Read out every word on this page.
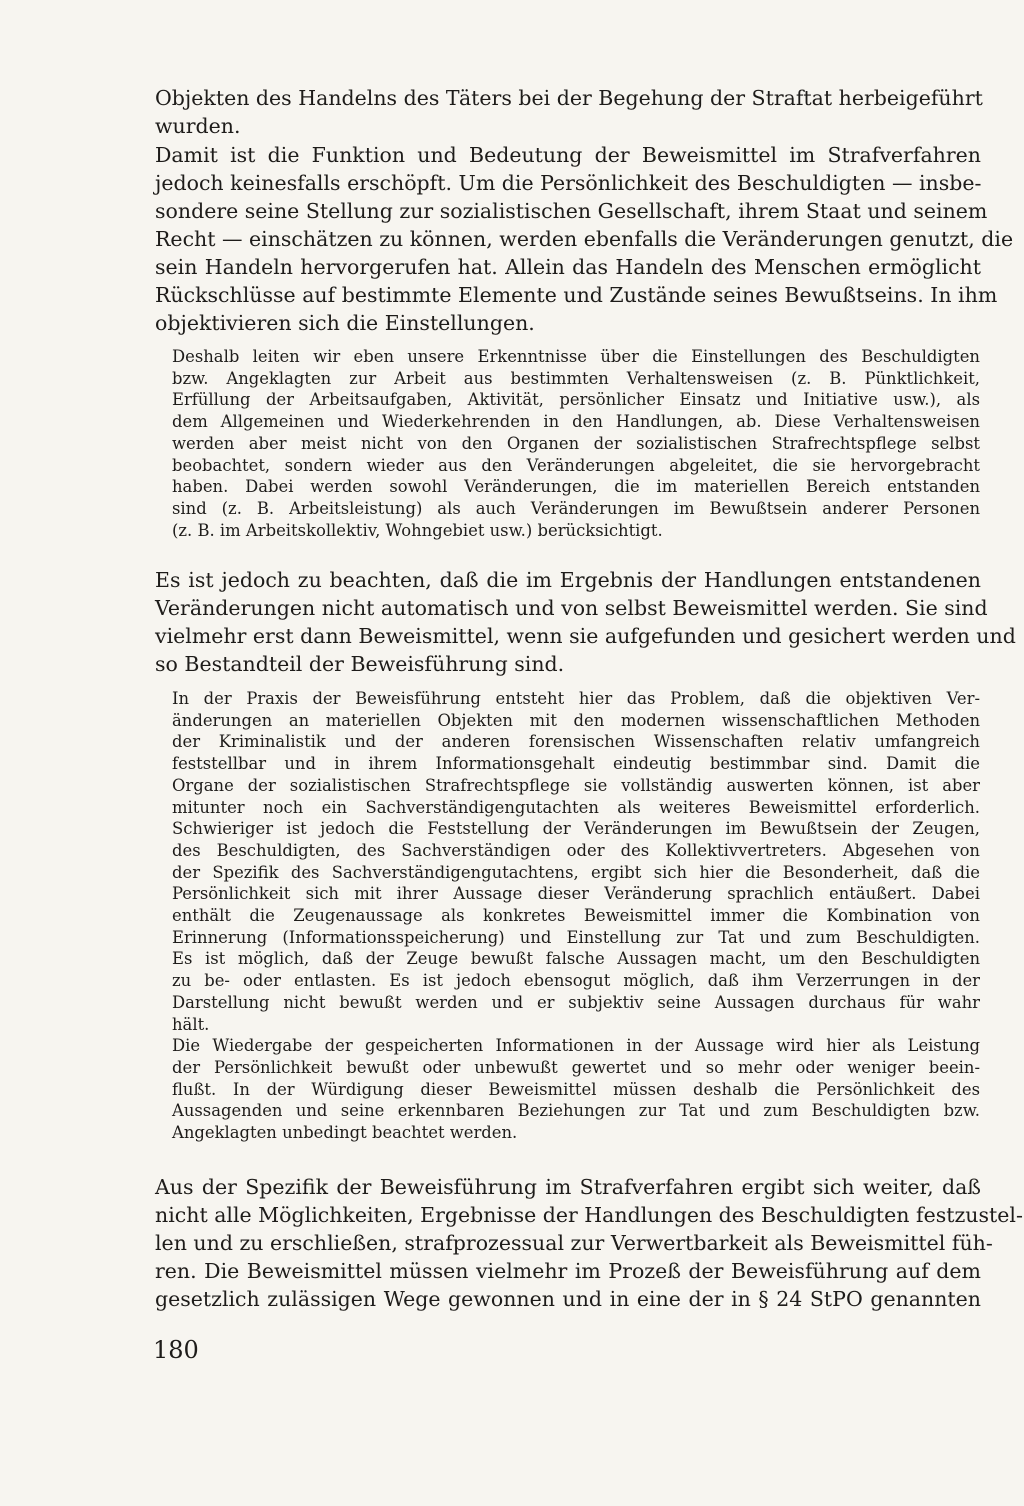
Objekten des Handelns des Täters bei der Begehung der Straftat herbeigeführt
wurden.
Damit ist die Funktion und Bedeutung der Beweismittel im Strafverfahren
jedoch keinesfalls erschöpft. Um die Persönlichkeit des Beschuldigten — insbe-
sondere seine Stellung zur sozialistischen Gesellschaft, ihrem Staat und seinem
Recht — einschätzen zu können, werden ebenfalls die Veränderungen genutzt, die
sein Handeln hervorgerufen hat. Allein das Handeln des Menschen ermöglicht
Rückschlüsse auf bestimmte Elemente und Zustände seines Bewußtseins. In ihm
objektivieren sich die Einstellungen.
Deshalb leiten wir eben unsere Erkenntnisse über die Einstellungen des Beschuldigten
bzw. Angeklagten zur Arbeit aus bestimmten Verhaltensweisen (z. B. Pünktlichkeit,
Erfüllung der Arbeitsaufgaben, Aktivität, persönlicher Einsatz und Initiative usw.), als
dem Allgemeinen und Wiederkehrenden in den Handlungen, ab. Diese Verhaltensweisen
werden aber meist nicht von den Organen der sozialistischen Strafrechtspflege selbst
beobachtet, sondern wieder aus den Veränderungen abgeleitet, die sie hervorgebracht
haben. Dabei werden sowohl Veränderungen, die im materiellen Bereich entstanden
sind (z. B. Arbeitsleistung) als auch Veränderungen im Bewußtsein anderer Personen
(z. B. im Arbeitskollektiv, Wohngebiet usw.) berücksichtigt.
Es ist jedoch zu beachten, daß die im Ergebnis der Handlungen entstandenen
Veränderungen nicht automatisch und von selbst Beweismittel werden. Sie sind
vielmehr erst dann Beweismittel, wenn sie aufgefunden und gesichert werden und
so Bestandteil der Beweisführung sind.
In der Praxis der Beweisführung entsteht hier das Problem, daß die objektiven Ver-
änderungen an materiellen Objekten mit den modernen wissenschaftlichen Methoden
der Kriminalistik und der anderen forensischen Wissenschaften relativ umfangreich
feststellbar und in ihrem Informationsgehalt eindeutig bestimmbar sind. Damit die
Organe der sozialistischen Strafrechtspflege sie vollständig auswerten können, ist aber
mitunter noch ein Sachverständigengutachten als weiteres Beweismittel erforderlich.
Schwieriger ist jedoch die Feststellung der Veränderungen im Bewußtsein der Zeugen,
des Beschuldigten, des Sachverständigen oder des Kollektivvertreters. Abgesehen von
der Spezifik des Sachverständigengutachtens, ergibt sich hier die Besonderheit, daß die
Persönlichkeit sich mit ihrer Aussage dieser Veränderung sprachlich entäußert. Dabei
enthält die Zeugenaussage als konkretes Beweismittel immer die Kombination von
Erinnerung (Informationsspeicherung) und Einstellung zur Tat und zum Beschuldigten.
Es ist möglich, daß der Zeuge bewußt falsche Aussagen macht, um den Beschuldigten
zu be- oder entlasten. Es ist jedoch ebensogut möglich, daß ihm Verzerrungen in der
Darstellung nicht bewußt werden und er subjektiv seine Aussagen durchaus für wahr
hält.
Die Wiedergabe der gespeicherten Informationen in der Aussage wird hier als Leistung
der Persönlichkeit bewußt oder unbewußt gewertet und so mehr oder weniger beein-
flußt. In der Würdigung dieser Beweismittel müssen deshalb die Persönlichkeit des
Aussagenden und seine erkennbaren Beziehungen zur Tat und zum Beschuldigten bzw.
Angeklagten unbedingt beachtet werden.
Aus der Spezifik der Beweisführung im Strafverfahren ergibt sich weiter, daß
nicht alle Möglichkeiten, Ergebnisse der Handlungen des Beschuldigten festzustel-
len und zu erschließen, strafprozessual zur Verwertbarkeit als Beweismittel füh-
ren. Die Beweismittel müssen vielmehr im Prozeß der Beweisführung auf dem
gesetzlich zulässigen Wege gewonnen und in eine der in § 24 StPO genannten

180
